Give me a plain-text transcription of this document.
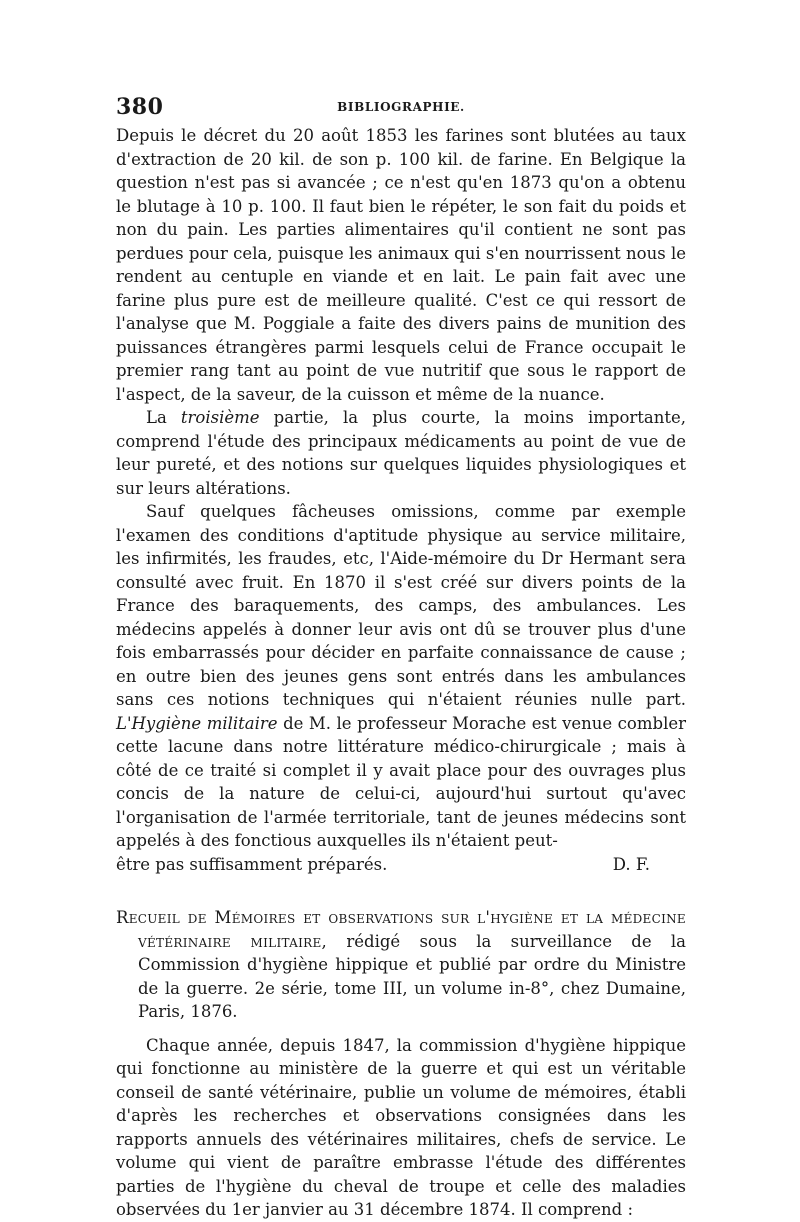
380	BIBLIOGRAPHIE.

Depuis le décret du 20 août 1853 les farines sont blutées au taux d'extraction de 20 kil. de son p. 100 kil. de farine. En Belgique la question n'est pas si avancée ; ce n'est qu'en 1873 qu'on a obtenu le blutage à 10 p. 100. Il faut bien le répéter, le son fait du poids et non du pain. Les parties alimentaires qu'il contient ne sont pas perdues pour cela, puisque les animaux qui s'en nourrissent nous le rendent au centuple en viande et en lait. Le pain fait avec une farine plus pure est de meilleure qualité. C'est ce qui ressort de l'analyse que M. Poggiale a faite des divers pains de munition des puissances étrangères parmi lesquels celui de France occupait le premier rang tant au point de vue nutritif que sous le rapport de l'aspect, de la saveur, de la cuisson et même de la nuance.

La troisième partie, la plus courte, la moins importante, comprend l'étude des principaux médicaments au point de vue de leur pureté, et des notions sur quelques liquides physiologiques et sur leurs altérations.

Sauf quelques fâcheuses omissions, comme par exemple l'examen des conditions d'aptitude physique au service militaire, les infirmités, les fraudes, etc, l'Aide-mémoire du Dr Hermant sera consulté avec fruit. En 1870 il s'est créé sur divers points de la France des baraquements, des camps, des ambulances. Les médecins appelés à donner leur avis ont dû se trouver plus d'une fois embarrassés pour décider en parfaite connaissance de cause ; en outre bien des jeunes gens sont entrés dans les ambulances sans ces notions techniques qui n'étaient réunies nulle part. L'Hygiène militaire de M. le professeur Morache est venue combler cette lacune dans notre littérature médico-chirurgicale ; mais à côté de ce traité si complet il y avait place pour des ouvrages plus concis de la nature de celui-ci, aujourd'hui surtout qu'avec l'organisation de l'armée territoriale, tant de jeunes médecins sont appelés à des fonctious auxquelles ils n'étaient peut-

être pas suffisamment préparés.	D. F.

Recueil de Mémoires et observations sur l'hygiène et la médecine vétérinaire militaire, rédigé sous la surveillance de la Commission d'hygiène hippique et publié par ordre du Ministre de la guerre. 2e série, tome III, un volume in-8°, chez Dumaine, Paris, 1876.

Chaque année, depuis 1847, la commission d'hygiène hippique qui fonctionne au ministère de la guerre et qui est un véritable conseil de santé vétérinaire, publie un volume de mémoires, établi d'après les recherches et observations consignées dans les rapports annuels des vétérinaires militaires, chefs de service. Le volume qui vient de paraître embrasse l'étude des différentes parties de l'hygiène du cheval de troupe et celle des maladies observées du 1er janvier au 31 décembre 1874. Il comprend :
